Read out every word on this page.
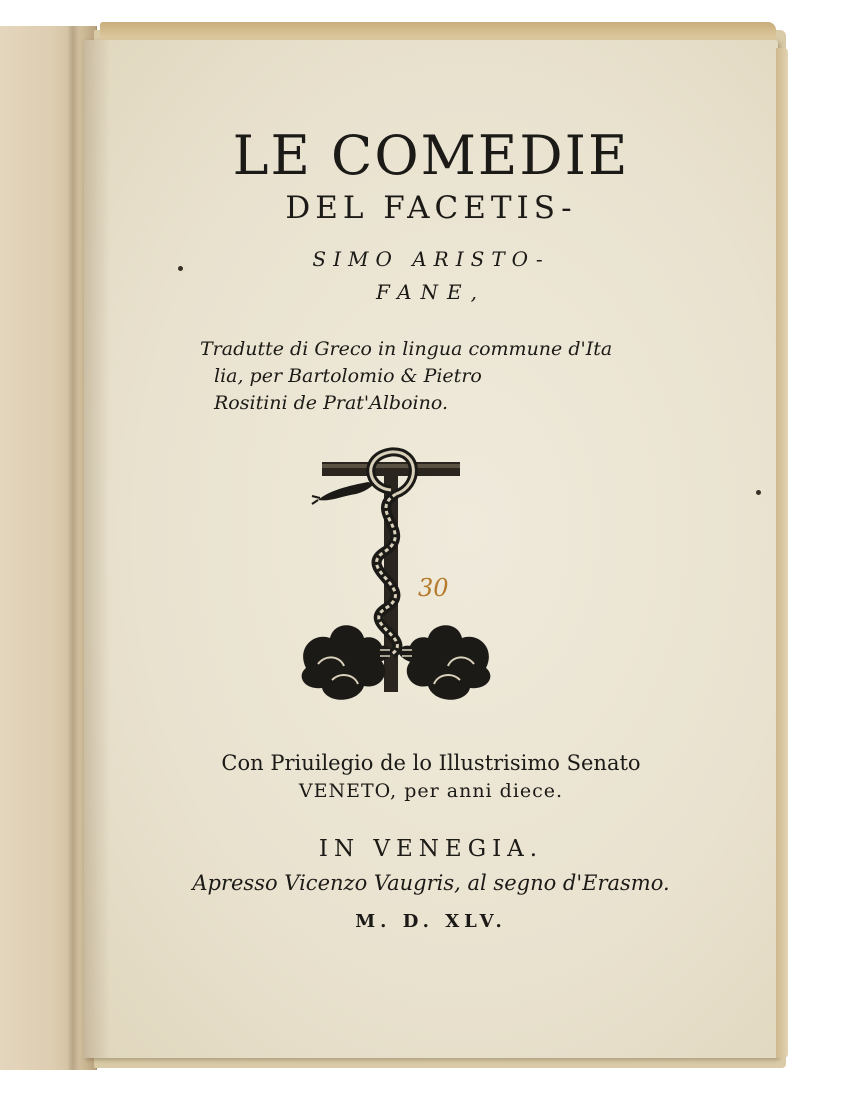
LE COMEDIE

DEL FACETIS-

SIMO ARISTO-

FANE,

Tradutte di Greco in lingua commune d'Ita

lia, per Bartolomio & Pietro

Rositini de Prat'Alboino.

30

Con Priuilegio de lo Illustrisimo Senato

VENETO, per anni diece.

IN VENEGIA.

Apresso Vicenzo Vaugris, al segno d'Erasmo.

M. D. XLV.
